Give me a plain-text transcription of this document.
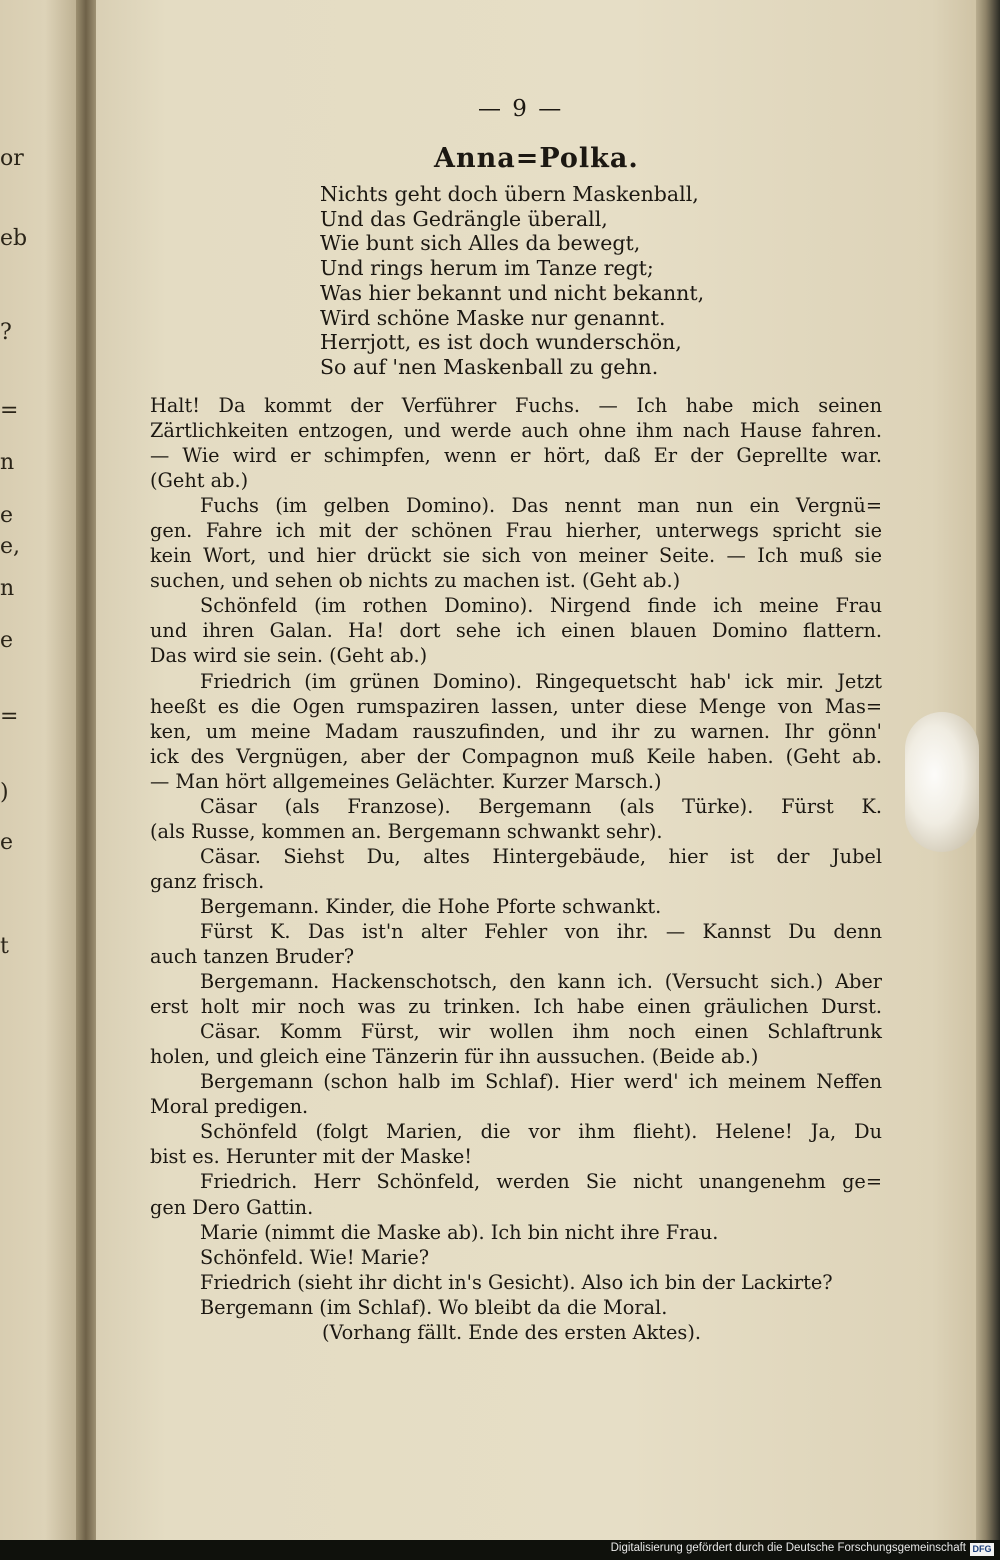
or
eb
?
=
n
e
e,
n
e
=
)
e
t
— 9 —
Anna=Polka.
Nichts geht doch übern Maskenball,
Und das Gedrängle überall,
Wie bunt sich Alles da bewegt,
Und rings herum im Tanze regt;
Was hier bekannt und nicht bekannt,
Wird schöne Maske nur genannt.
Herrjott, es ist doch wunderschön,
So auf 'nen Maskenball zu gehn.
Halt! Da kommt der Verführer Fuchs. — Ich habe mich seinen
Zärtlichkeiten entzogen, und werde auch ohne ihm nach Hause fahren.
— Wie wird er schimpfen, wenn er hört, daß Er der Geprellte war.
(Geht ab.)
Fuchs (im gelben Domino). Das nennt man nun ein Vergnü=
gen. Fahre ich mit der schönen Frau hierher, unterwegs spricht sie
kein Wort, und hier drückt sie sich von meiner Seite. — Ich muß sie
suchen, und sehen ob nichts zu machen ist. (Geht ab.)
Schönfeld (im rothen Domino). Nirgend finde ich meine Frau
und ihren Galan. Ha! dort sehe ich einen blauen Domino flattern.
Das wird sie sein. (Geht ab.)
Friedrich (im grünen Domino). Ringequetscht hab' ick mir. Jetzt
heeßt es die Ogen rumspaziren lassen, unter diese Menge von Mas=
ken, um meine Madam rauszufinden, und ihr zu warnen. Ihr gönn'
ick des Vergnügen, aber der Compagnon muß Keile haben. (Geht ab.
— Man hört allgemeines Gelächter. Kurzer Marsch.)
Cäsar (als Franzose). Bergemann (als Türke). Fürst K.
(als Russe, kommen an. Bergemann schwankt sehr).
Cäsar. Siehst Du, altes Hintergebäude, hier ist der Jubel
ganz frisch.
Bergemann. Kinder, die Hohe Pforte schwankt.
Fürst K. Das ist'n alter Fehler von ihr. — Kannst Du denn
auch tanzen Bruder?
Bergemann. Hackenschotsch, den kann ich. (Versucht sich.) Aber
erst holt mir noch was zu trinken. Ich habe einen gräulichen Durst.
Cäsar. Komm Fürst, wir wollen ihm noch einen Schlaftrunk
holen, und gleich eine Tänzerin für ihn aussuchen. (Beide ab.)
Bergemann (schon halb im Schlaf). Hier werd' ich meinem Neffen
Moral predigen.
Schönfeld (folgt Marien, die vor ihm flieht). Helene! Ja, Du
bist es. Herunter mit der Maske!
Friedrich. Herr Schönfeld, werden Sie nicht unangenehm ge=
gen Dero Gattin.
Marie (nimmt die Maske ab). Ich bin nicht ihre Frau.
Schönfeld. Wie! Marie?
Friedrich (sieht ihr dicht in's Gesicht). Also ich bin der Lackirte?
Bergemann (im Schlaf). Wo bleibt da die Moral.
(Vorhang fällt. Ende des ersten Aktes).
Digitalisierung gefördert durch die Deutsche Forschungsgemeinschaft DFG
